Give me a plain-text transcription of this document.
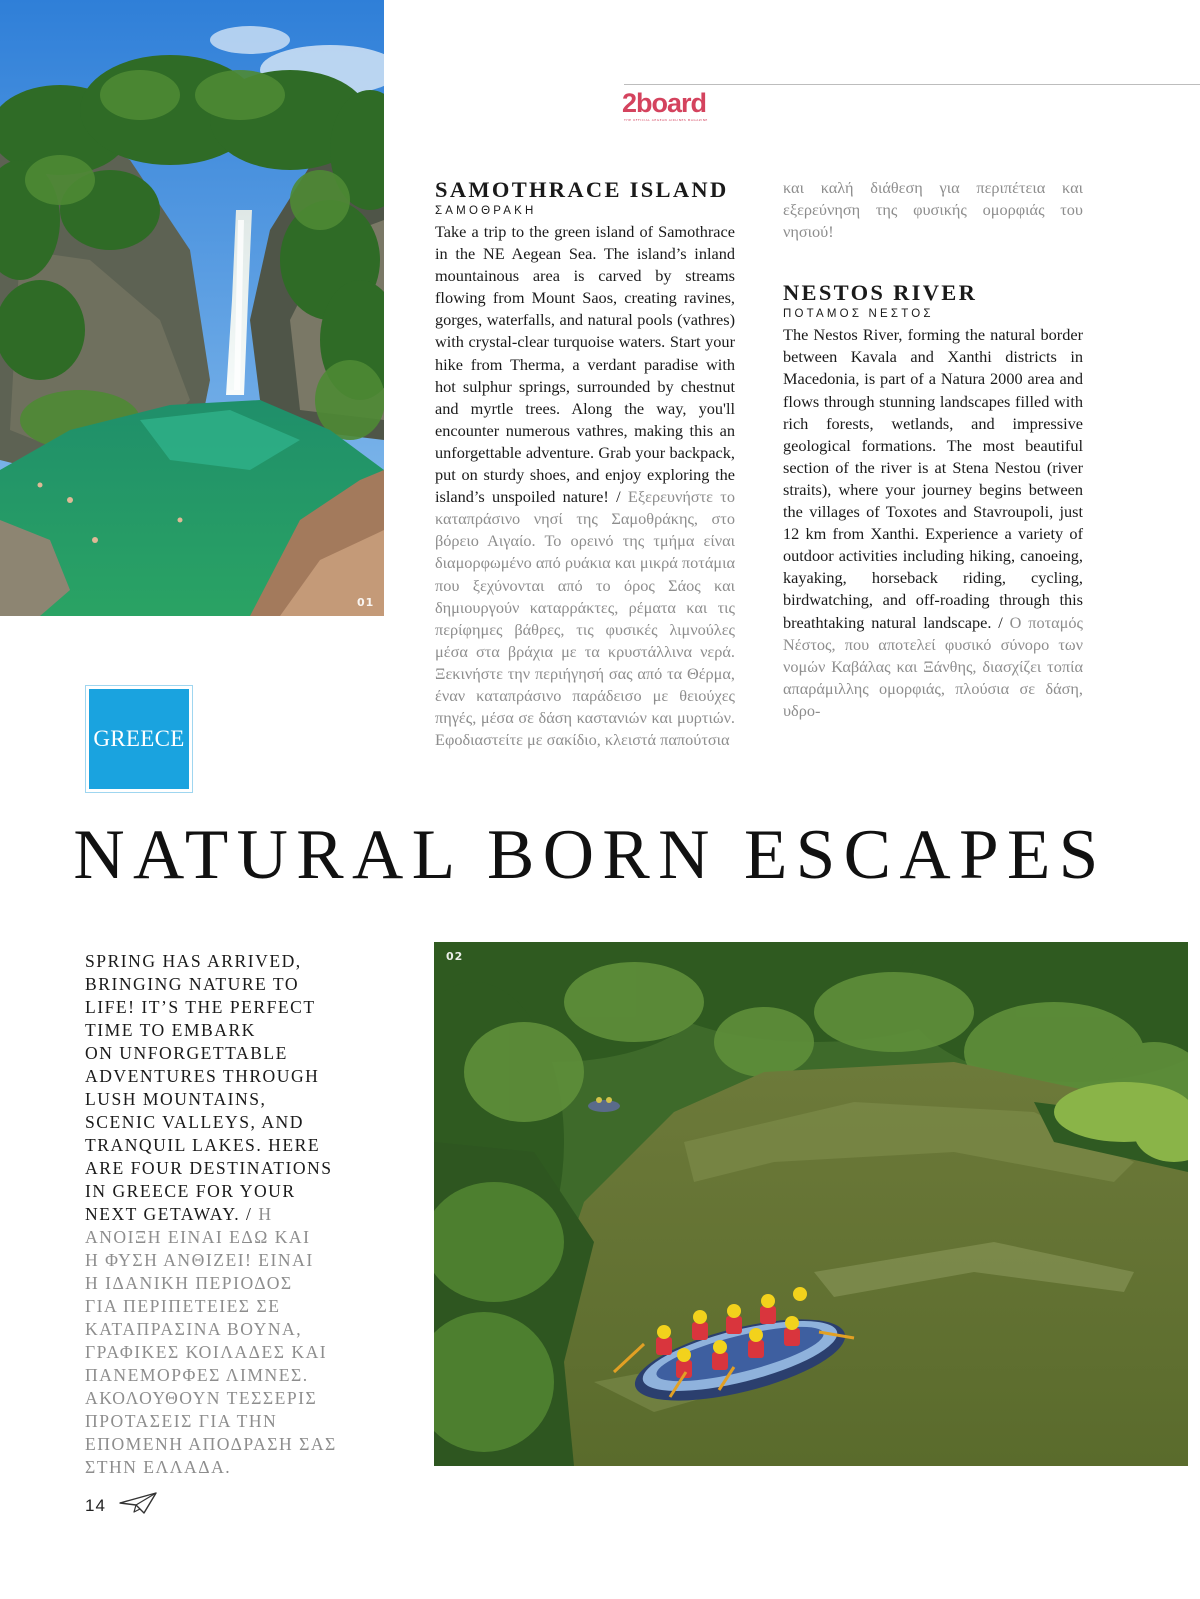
01
2board
THE OFFICIAL AEGEAN AIRLINES MAGAZINE
SAMOTHRACE ISLAND
ΣΑΜΟΘΡΑΚΗ

Take a trip to the green island of Samothrace in the NE Aegean Sea. The island’s inland mountainous area is carved by streams flowing from Mount Saos, creating ravines, gorges, waterfalls, and natural pools (vathres) with crystal-clear turquoise waters. Start your hike from Therma, a verdant paradise with hot sulphur springs, surrounded by chestnut and myrtle trees. Along the way, you'll encounter numerous vathres, making this an unforgettable adventure. Grab your backpack, put on sturdy shoes, and enjoy exploring the island’s unspoiled nature! / Εξερευνήστε το καταπράσινο νησί της Σαμοθράκης, στο βόρειο Αιγαίο. Το ορεινό της τμήμα είναι διαμορφωμένο από ρυάκια και μικρά ποτάμια που ξεχύνονται από το όρος Σάος και δημιουργούν καταρράκτες, ρέματα και τις περίφημες βάθρες, τις φυσικές λιμνούλες μέσα στα βράχια με τα κρυστάλλινα νερά. Ξεκινήστε την περιήγησή σας από τα Θέρμα, έναν καταπράσινο παράδεισο με θειούχες πηγές, μέσα σε δάση καστανιών και μυρτιών. Εφοδιαστείτε με σακίδιο, κλειστά παπούτσια

και καλή διάθεση για περιπέτεια και εξερεύνηση της φυσικής ομορφιάς του νησιού!

NESTOS RIVER
ΠΟΤΑΜΟΣ ΝΕΣΤΟΣ

The Nestos River, forming the natural border between Kavala and Xanthi districts in Macedonia, is part of a Natura 2000 area and flows through stunning landscapes filled with rich forests, wetlands, and impressive geological formations. The most beautiful section of the river is at Stena Nestou (river straits), where your journey begins between the villages of Toxotes and Stavroupoli, just 12 km from Xanthi. Experience a variety of outdoor activities including hiking, canoeing, kayaking, horseback riding, cycling, birdwatching, and off-roading through this breathtaking natural landscape. / Ο ποταμός Νέστος, που αποτελεί φυσικό σύνορο των νομών Καβάλας και Ξάνθης, διασχίζει τοπία απαράμιλλης ομορφιάς, πλούσια σε δάση, υδρο-

GREECE
NATURAL BORN ESCAPES
SPRING HAS ARRIVED,
BRINGING NATURE TO
LIFE! IT’S THE PERFECT
TIME TO EMBARK
ON UNFORGETTABLE
ADVENTURES THROUGH
LUSH MOUNTAINS,
SCENIC VALLEYS, AND
TRANQUIL LAKES. HERE
ARE FOUR DESTINATIONS
IN GREECE FOR YOUR
NEXT GETAWAY. / Η
ΑΝΟΙΞΗ ΕΙΝΑΙ ΕΔΩ ΚΑΙ
Η ΦΥΣΗ ΑΝΘΙΖΕΙ! ΕΙΝΑΙ
Η ΙΔΑΝΙΚΗ ΠΕΡΙΟΔΟΣ
ΓΙΑ ΠΕΡΙΠΕΤΕΙΕΣ ΣΕ
ΚΑΤΑΠΡΑΣΙΝΑ ΒΟΥΝΑ,
ΓΡΑΦΙΚΕΣ ΚΟΙΛΑΔΕΣ ΚΑΙ
ΠΑΝΕΜΟΡΦΕΣ ΛΙΜΝΕΣ.
ΑΚΟΛΟΥΘΟΥΝ ΤΕΣΣΕΡΙΣ
ΠΡΟΤΑΣΕΙΣ ΓΙΑ ΤΗΝ
ΕΠΟΜΕΝΗ ΑΠΟΔΡΑΣΗ ΣΑΣ
ΣΤΗΝ ΕΛΛΑΔΑ.
02
14
